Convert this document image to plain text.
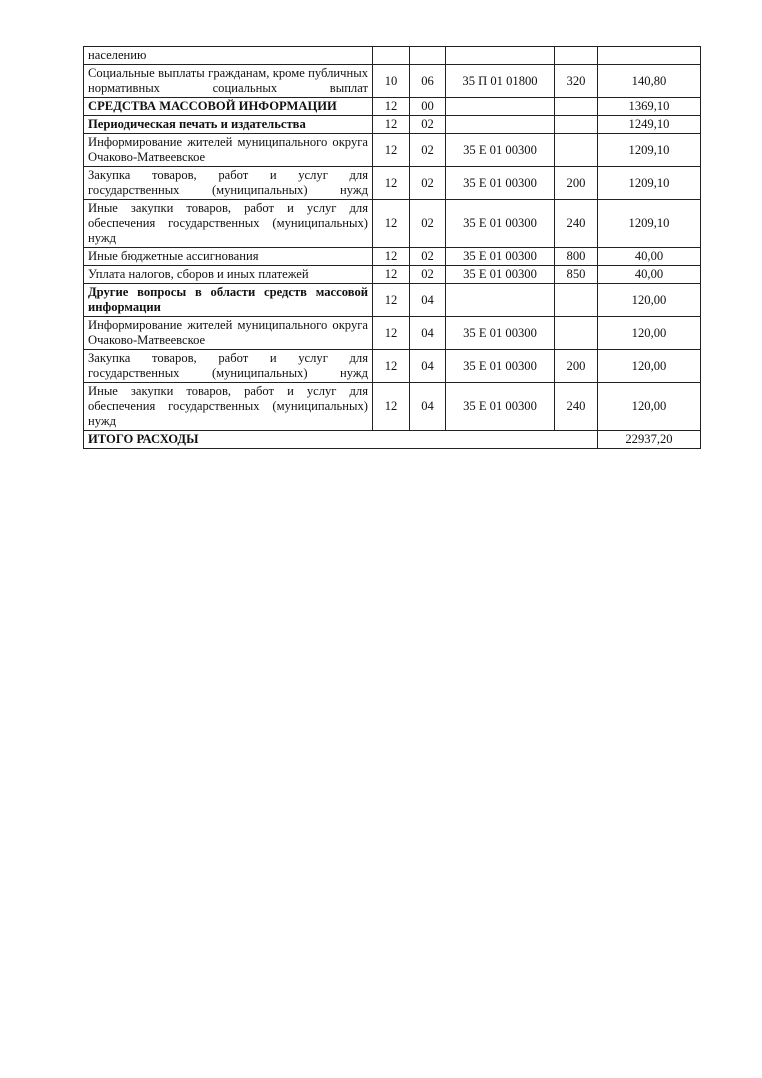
населению					
Социальные выплаты гражданам, кроме публичных нормативных социальных выплат	10	06	35 П 01 01800	320	140,80
СРЕДСТВА МАССОВОЙ ИНФОРМАЦИИ	12	00			1369,10
Периодическая печать и издательства	12	02			1249,10
Информирование жителей муниципального округа Очаково-Матвеевское	12	02	35 Е 01 00300		1209,10
Закупка товаров, работ и услуг для государственных (муниципальных) нужд	12	02	35 Е 01 00300	200	1209,10
Иные закупки товаров, работ и услуг для обеспечения государственных (муниципальных) нужд	12	02	35 Е 01 00300	240	1209,10
Иные бюджетные ассигнования	12	02	35 Е 01 00300	800	40,00
Уплата налогов, сборов и иных платежей	12	02	35 Е 01 00300	850	40,00
Другие вопросы в области средств массовой информации	12	04			120,00
Информирование жителей муниципального округа Очаково-Матвеевское	12	04	35 Е 01 00300		120,00
Закупка товаров, работ и услуг для государственных (муниципальных) нужд	12	04	35 Е 01 00300	200	120,00
Иные закупки товаров, работ и услуг для обеспечения государственных (муниципальных) нужд	12	04	35 Е 01 00300	240	120,00
ИТОГО РАСХОДЫ					22937,20
